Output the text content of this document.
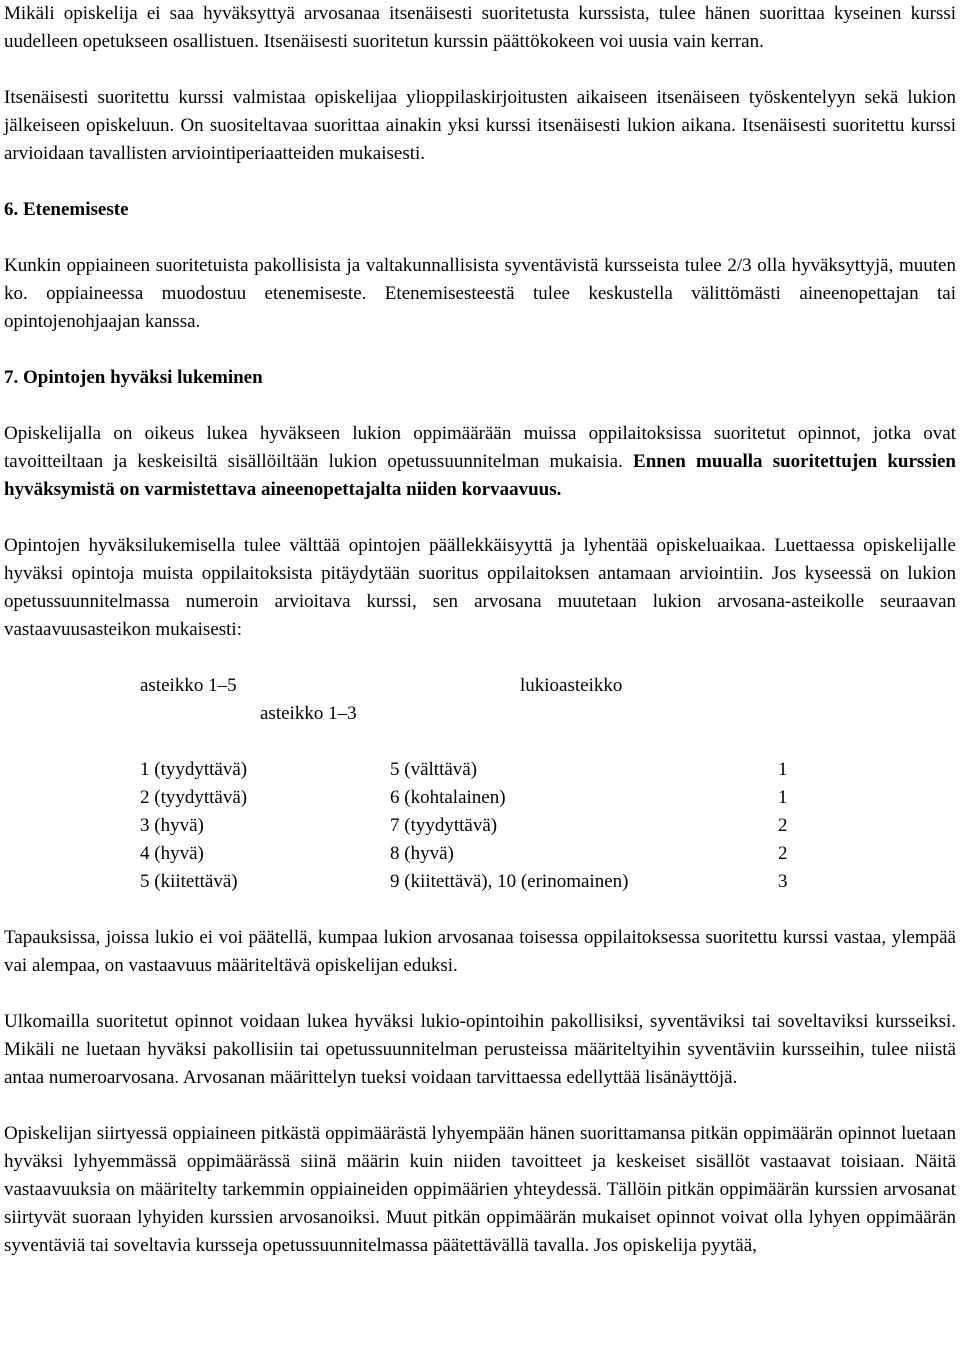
Mikäli opiskelija ei saa hyväksyttyä arvosanaa itsenäisesti suoritetusta kurssista, tulee hänen suorittaa kyseinen kurssi uudelleen opetukseen osallistuen. Itsenäisesti suoritetun kurssin päättökokeen voi uusia vain kerran.

Itsenäisesti suoritettu kurssi valmistaa opiskelijaa ylioppilaskirjoitusten aikaiseen itsenäiseen työskentelyyn sekä lukion jälkeiseen opiskeluun. On suositeltavaa suorittaa ainakin yksi kurssi itsenäisesti lukion aikana. Itsenäisesti suoritettu kurssi arvioidaan tavallisten arviointiperiaatteiden mukaisesti.

6. Etenemiseste

Kunkin oppiaineen suoritetuista pakollisista ja valtakunnallisista syventävistä kursseista tulee 2/3 olla hyväksyttyjä, muuten ko. oppiaineessa muodostuu etenemiseste. Etenemisesteestä tulee keskustella välittömästi aineenopettajan tai opintojenohjaajan kanssa.

7. Opintojen hyväksi lukeminen

Opiskelijalla on oikeus lukea hyväkseen lukion oppimäärään muissa oppilaitoksissa suoritetut opinnot, jotka ovat tavoitteiltaan ja keskeisiltä sisällöiltään lukion opetussuunnitelman mukaisia. Ennen muualla suoritettujen kurssien hyväksymistä on varmistettava aineenopettajalta niiden korvaavuus.

Opintojen hyväksilukemisella tulee välttää opintojen päällekkäisyyttä ja lyhentää opiskeluaikaa. Luettaessa opiskelijalle hyväksi opintoja muista oppilaitoksista pitäydytään suoritus oppilaitoksen antamaan arviointiin. Jos kyseessä on lukion opetussuunnitelmassa numeroin arvioitava kurssi, sen arvosana muutetaan lukion arvosana-asteikolle seuraavan vastaavuusasteikon mukaisesti:

asteikko 1–5	lukioasteikko
asteikko 1–3
1 (tyydyttävä)	5 (välttävä)	1
2 (tyydyttävä)	6 (kohtalainen)	1
3 (hyvä)	7 (tyydyttävä)	2
4 (hyvä)	8 (hyvä)	2
5 (kiitettävä)	9 (kiitettävä), 10 (erinomainen)	3

Tapauksissa, joissa lukio ei voi päätellä, kumpaa lukion arvosanaa toisessa oppilaitoksessa suoritettu kurssi vastaa, ylempää vai alempaa, on vastaavuus määriteltävä opiskelijan eduksi.

Ulkomailla suoritetut opinnot voidaan lukea hyväksi lukio-opintoihin pakollisiksi, syventäviksi tai soveltaviksi kursseiksi. Mikäli ne luetaan hyväksi pakollisiin tai opetussuunnitelman perusteissa määriteltyihin syventäviin kursseihin, tulee niistä antaa numeroarvosana. Arvosanan määrittelyn tueksi voidaan tarvittaessa edellyttää lisänäyttöjä.

Opiskelijan siirtyessä oppiaineen pitkästä oppimäärästä lyhyempään hänen suorittamansa pitkän oppimäärän opinnot luetaan hyväksi lyhyemmässä oppimäärässä siinä määrin kuin niiden tavoitteet ja keskeiset sisällöt vastaavat toisiaan. Näitä vastaavuuksia on määritelty tarkemmin oppiaineiden oppimäärien yhteydessä. Tällöin pitkän oppimäärän kurssien arvosanat siirtyvät suoraan lyhyiden kurssien arvosanoiksi. Muut pitkän oppimäärän mukaiset opinnot voivat olla lyhyen oppimäärän syventäviä tai soveltavia kursseja opetussuunnitelmassa päätettävällä tavalla. Jos opiskelija pyytää,
